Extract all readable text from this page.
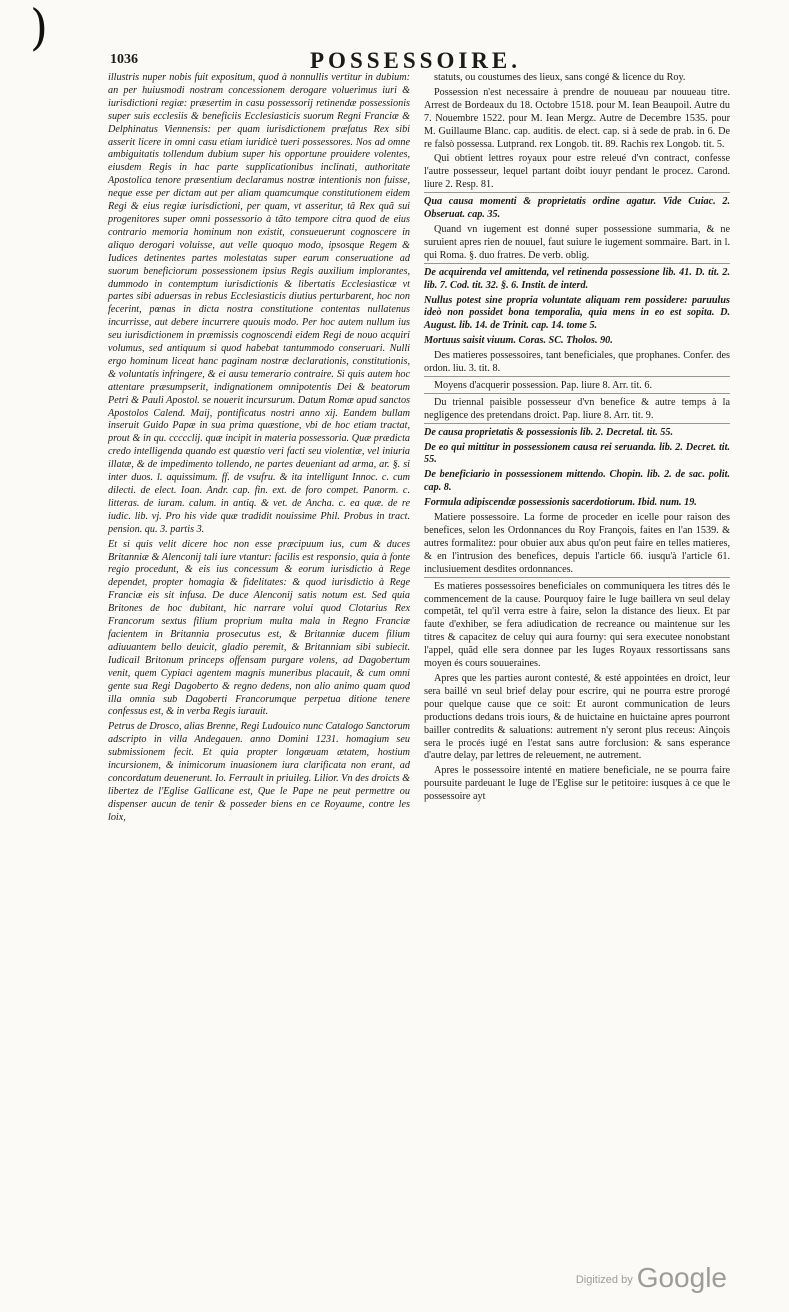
)
1036	POSSESSOIRE.

illustris nuper nobis fuit expositum, quod à nonnullis vertitur in dubium: an per huiusmodi nostram concessionem derogare voluerimus iuri & iurisdictioni regiæ: præsertim in casu possessorij retinendæ possessionis super suis ecclesiis & beneficiis Ecclesiasticis suorum Regni Franciæ & Delphinatus Viennensis: per quam iurisdictionem præfatus Rex sibi asserit licere in omni casu etiam iuridicè tueri possessores. Nos ad omne ambiguitatis tollendum dubium super his opportune prouidere volentes, eiusdem Regis in hac parte supplicationibus inclinati, authoritate Apostolica tenore præsentium declaramus nostræ intentionis non fuisse, neque esse per dictam aut per aliam quamcumque constitutionem eidem Regi & eius regiæ iurisdictioni, per quam, vt asseritur, tâ Rex quã sui progenitores super omni possessorio à tãto tempore citra quod de eius contrario memoria hominum non existit, consueuerunt cognoscere in aliquo derogari voluisse, aut velle quoquo modo, ipsosque Regem & Iudices detinentes partes molestatas super earum conseruatione ad suorum beneficiorum possessionem ipsius Regis auxilium implorantes, dummodo in contemptum iurisdictionis & libertatis Ecclesiasticæ vt partes sibi aduersas in rebus Ecclesiasticis diutius perturbarent, hoc non fecerint, pœnas in dicta nostra constitutione contentas nullatenus incurrisse, aut debere incurrere quouis modo. Per hoc autem nullum ius seu iurisdictionem in præmissis cognoscendi eidem Regi de nouo acquiri volumus, sed antiquum si quod habebat tantummodo conseruari. Nulli ergo hominum liceat hanc paginam nostræ declarationis, constitutionis, & voluntatis infringere, & ei ausu temerario contraire. Si quis autem hoc attentare præsumpserit, indignationem omnipotentis Dei & beatorum Petri & Pauli Apostol. se nouerit incursurum. Datum Romæ apud sanctos Apostolos Calend. Maij, pontificatus nostri anno xij. Eandem bullam inseruit Guido Papæ in sua prima quæstione, vbi de hoc etiam tractat, prout & in qu. ccccclij. quæ incipit in materia possessoria. Quæ prædicta credo intelligenda quando est quæstio veri facti seu violentiæ, vel iniuria illatæ, & de impedimento tollendo, ne partes deueniant ad arma, ar. §. si inter duos. l. aquissimum. ff. de vsufru. & ita intelligunt Innoc. c. cum dilecti. de elect. Ioan. Andr. cap. fin. ext. de foro compet. Panorm. c. litteras. de iuram. calum. in antiq. & vet. de Ancha. c. ea quæ. de re iudic. lib. vj. Pro his vide quæ tradidit nouissime Phil. Probus in tract. pension. qu. 3. partis 3.

Et si quis velit dicere hoc non esse præcipuum ius, cum & duces Britanniæ & Alenconij tali iure vtantur: facilis est responsio, quia à fonte regio procedunt, & eis ius concessum & eorum iurisdictio à Rege dependet, propter homagia & fidelitates: & quod iurisdictio à Rege Franciæ eis sit infusa. De duce Alenconij satis notum est. Sed quia Britones de hoc dubitant, hic narrare volui quod Clotarius Rex Francorum sextus filium proprium multa mala in Regno Franciæ facientem in Britannia prosecutus est, & Britanniæ ducem filium adiuuantem bello deuicit, gladio peremit, & Britanniam sibi subiecit. Iudicail Britonum princeps offensam purgare volens, ad Dagobertum venit, quem Cypiaci agentem magnis muneribus placauit, & cum omni gente sua Regi Dagoberto & regno dedens, non alio animo quam quod illa omnia sub Dagoberti Francorumque perpetua ditione tenere confessus est, & in verba Regis iurauit.

Petrus de Drosco, alias Brenne, Regi Ludouico nunc Catalogo Sanctorum adscripto in villa Andegauen. anno Domini 1231. homagium seu submissionem fecit. Et quia propter longæuam ætatem, hostium incursionem, & inimicorum inuasionem iura clarificata non erant, ad concordatum deuenerunt. Io. Ferrault in priuileg. Lilior. Vn des droicts & libertez de l'Eglise Gallicane est, Que le Pape ne peut permettre ou dispenser aucun de tenir & posseder biens en ce Royaume, contre les loix,

statuts, ou coustumes des lieux, sans congé & licence du Roy.

Possession n'est necessaire à prendre de nouueau par nouueau titre. Arrest de Bordeaux du 18. Octobre 1518. pour M. Iean Beaupoil. Autre du 7. Nouembre 1522. pour M. Iean Mergz. Autre de Decembre 1535. pour M. Guillaume Blanc. cap. auditis. de elect. cap. si à sede de prab. in 6. De re falsò possessa. Lutprand. rex Longob. tit. 89. Rachis rex Longob. tit. 5.

Qui obtient lettres royaux pour estre releué d'vn contract, confesse l'autre possesseur, lequel partant doibt iouyr pendant le procez. Carond. liure 2. Resp. 81.

Qua causa momenti & proprietatis ordine agatur. Vide Cuiac. 2. Obseruat. cap. 35.

Quand vn iugement est donné super possessione summaria, & ne suruient apres rien de nouuel, faut suiure le iugement sommaire. Bart. in l. qui Roma. §. duo fratres. De verb. oblig.

De acquirenda vel amittenda, vel retinenda possessione lib. 41. D. tit. 2. lib. 7. Cod. tit. 32. §. 6. Instit. de interd.

Nullus potest sine propria voluntate aliquam rem possidere: paruulus ideò non possidet bona temporalia, quia mens in eo est sopita. D. August. lib. 14. de Trinit. cap. 14. tome 5.

Mortuus saisit viuum. Coras. SC. Tholos. 90.

Des matieres possessoires, tant beneficiales, que prophanes. Confer. des ordon. liu. 3. tit. 8.

Moyens d'acquerir possession. Pap. liure 8. Arr. tit. 6.

Du triennal paisible possesseur d'vn benefice & autre temps à la negligence des pretendans droict. Pap. liure 8. Arr. tit. 9.

De causa proprietatis & possessionis lib. 2. Decretal. tit. 55.

De eo qui mittitur in possessionem causa rei seruanda. lib. 2. Decret. tit. 55.

De beneficiario in possessionem mittendo. Chopin. lib. 2. de sac. polit. cap. 8.

Formula adipiscendæ possessionis sacerdotiorum. Ibid. num. 19.

Matiere possessoire. La forme de proceder en icelle pour raison des benefices, selon les Ordonnances du Roy François, faites en l'an 1539. & autres formalitez: pour obuier aux abus qu'on peut faire en telles matieres, & en l'intrusion des benefices, depuis l'article 66. iusqu'à l'article 61. inclusiuement desdites ordonnances.

Es matieres possessoires beneficiales on communiquera les titres dés le commencement de la cause. Pourquoy faire le Iuge baillera vn seul delay competãt, tel qu'il verra estre à faire, selon la distance des lieux. Et par faute d'exhiber, se fera adiudication de recreance ou maintenue sur les titres & capacitez de celuy qui aura fourny: qui sera executee nonobstant l'appel, quãd elle sera donnee par les Iuges Royaux ressortissans sans moyen és cours souueraines.

Apres que les parties auront contesté, & esté appointées en droict, leur sera baillé vn seul brief delay pour escrire, qui ne pourra estre prorogé pour quelque cause que ce soit: Et auront communication de leurs productions dedans trois iours, & de huictaine en huictaine apres pourront bailler contredits & saluations: autrement n'y seront plus receus: Ainçois sera le procés iugé en l'estat sans autre forclusion: & sans esperance d'autre delay, par lettres de releuement, ne autrement.

Apres le possessoire intenté en matiere beneficiale, ne se pourra faire poursuite pardeuant le Iuge de l'Eglise sur le petitoire: iusques à ce que le possessoire ayt

$^{Digitized by}$ Google
